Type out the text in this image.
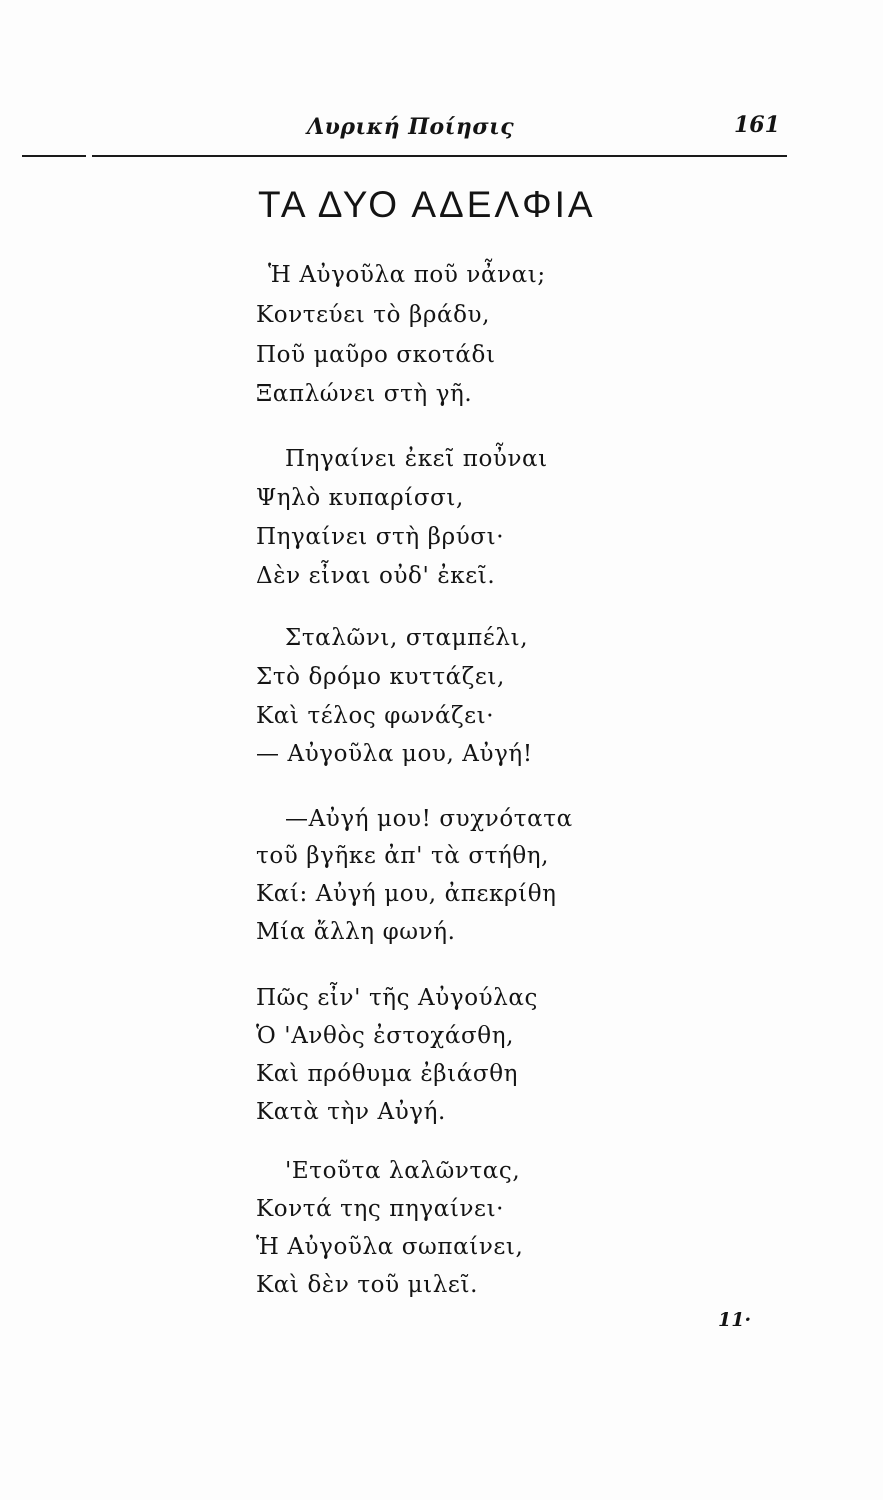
Λυρική Ποίησις	161
ΤΑ ΔΥΟ ΑΔΕΛΦΙΑ
Ἡ Αὐγοῦλα ποῦ νἆναι;
Κοντεύει τὸ βράδυ,
Ποῦ μαῦρο σκοτάδι
Ξαπλώνει στὴ γῆ.
Πηγαίνει ἐκεῖ ποὖναι
Ψηλὸ κυπαρίσσι,
Πηγαίνει στὴ βρύσι·
Δὲν εἶναι οὐδ' ἐκεῖ.
Σταλῶνι, σταμπέλι,
Στὸ δρόμο κυττάζει,
Καὶ τέλος φωνάζει·
— Αὐγοῦλα μου, Αὐγή!
—Αὐγή μου! συχνότατα
τοῦ βγῆκε ἀπ' τὰ στήθη,
Καί: Αὐγή μου, ἀπεκρίθη
Μία ἄλλη φωνή.
Πῶς εἶν' τῆς Αὐγούλας
Ὁ 'Ανθὸς ἐστοχάσθη,
Καὶ πρόθυμα ἐβιάσθη
Κατὰ τὴν Αὐγή.
'Ετοῦτα λαλῶντας,
Κοντά της πηγαίνει·
Ἡ Αὐγοῦλα σωπαίνει,
Καὶ δὲν τοῦ μιλεῖ.
11·
